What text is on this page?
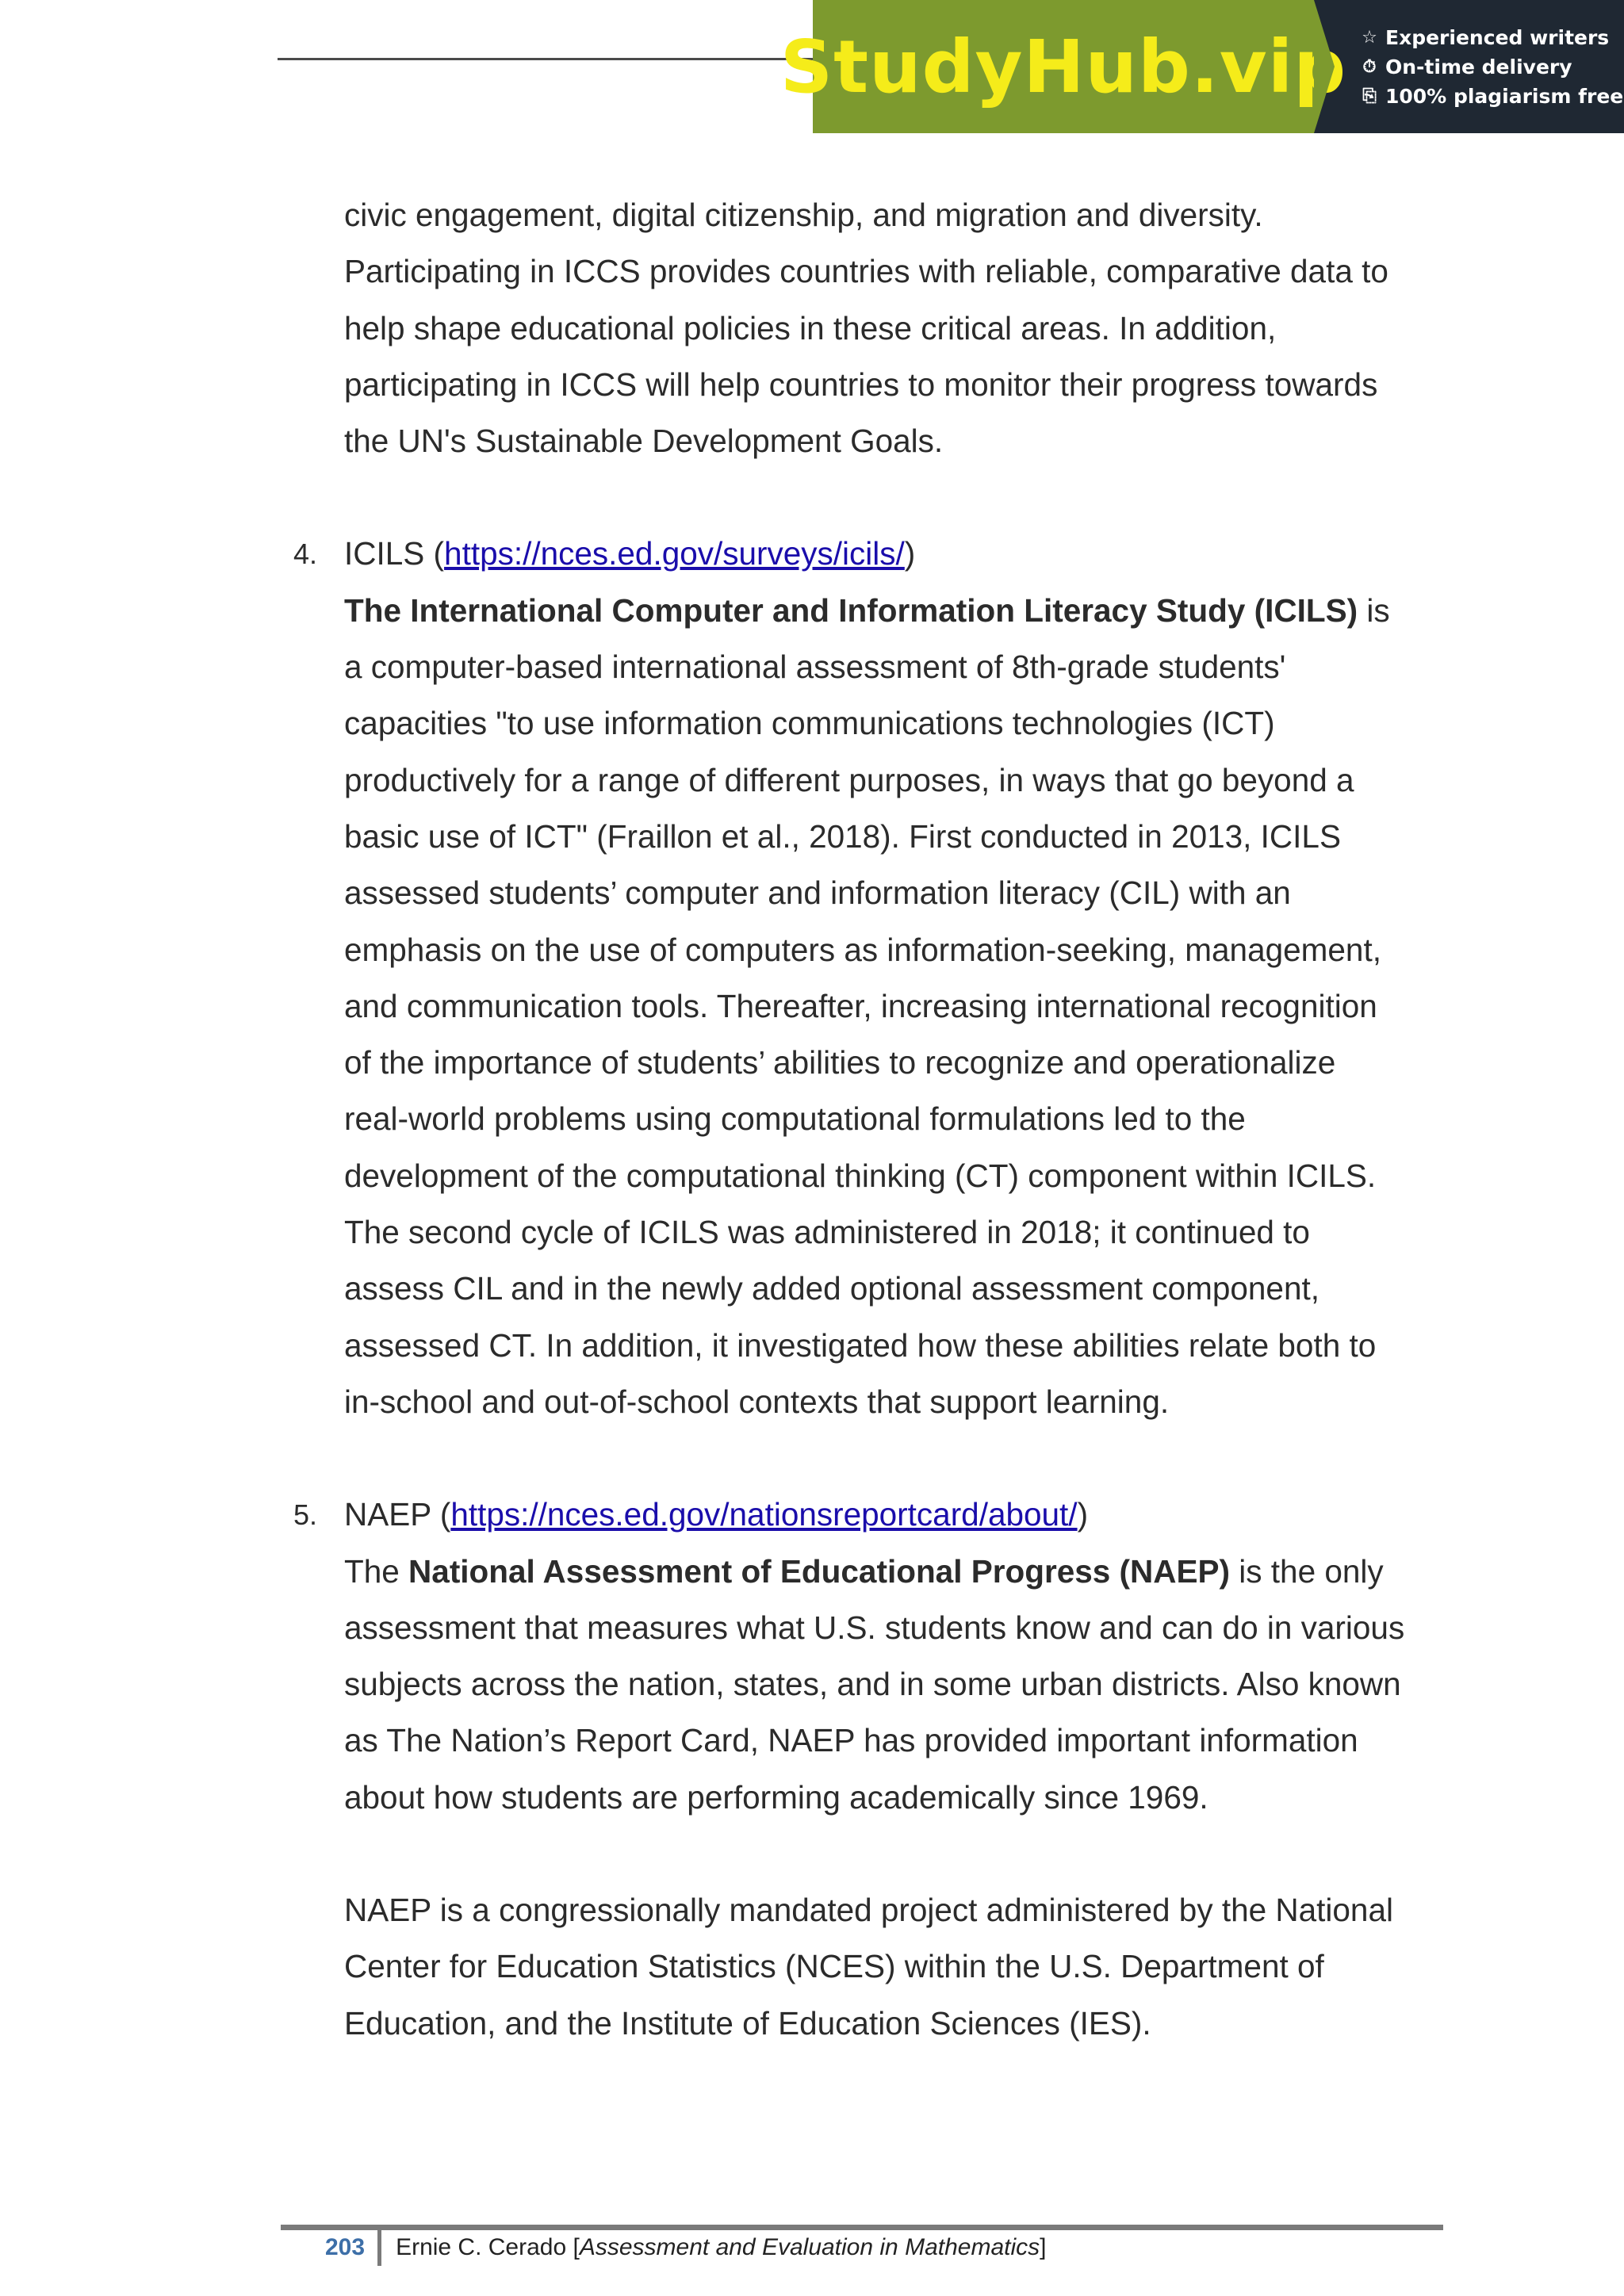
StudyHub.vip ☆ Experienced writers
⏱ On-time delivery
⎘ 100% plagiarism free
civic engagement, digital citizenship, and migration and diversity.
Participating in ICCS provides countries with reliable, comparative data to
help shape educational policies in these critical areas. In addition,
participating in ICCS will help countries to monitor their progress towards
the UN's Sustainable Development Goals.
4. ICILS (https://nces.ed.gov/surveys/icils/)
The International Computer and Information Literacy Study (ICILS) is
a computer-based international assessment of 8th-grade students'
capacities "to use information communications technologies (ICT)
productively for a range of different purposes, in ways that go beyond a
basic use of ICT" (Fraillon et al., 2018). First conducted in 2013, ICILS
assessed students’ computer and information literacy (CIL) with an
emphasis on the use of computers as information-seeking, management,
and communication tools. Thereafter, increasing international recognition
of the importance of students’ abilities to recognize and operationalize
real-world problems using computational formulations led to the
development of the computational thinking (CT) component within ICILS.
The second cycle of ICILS was administered in 2018; it continued to
assess CIL and in the newly added optional assessment component,
assessed CT. In addition, it investigated how these abilities relate both to
in-school and out-of-school contexts that support learning.
5. NAEP (https://nces.ed.gov/nationsreportcard/about/)
The National Assessment of Educational Progress (NAEP) is the only
assessment that measures what U.S. students know and can do in various
subjects across the nation, states, and in some urban districts. Also known
as The Nation’s Report Card, NAEP has provided important information
about how students are performing academically since 1969.
NAEP is a congressionally mandated project administered by the National
Center for Education Statistics (NCES) within the U.S. Department of
Education, and the Institute of Education Sciences (IES).
203	Ernie C. Cerado [Assessment and Evaluation in Mathematics]
